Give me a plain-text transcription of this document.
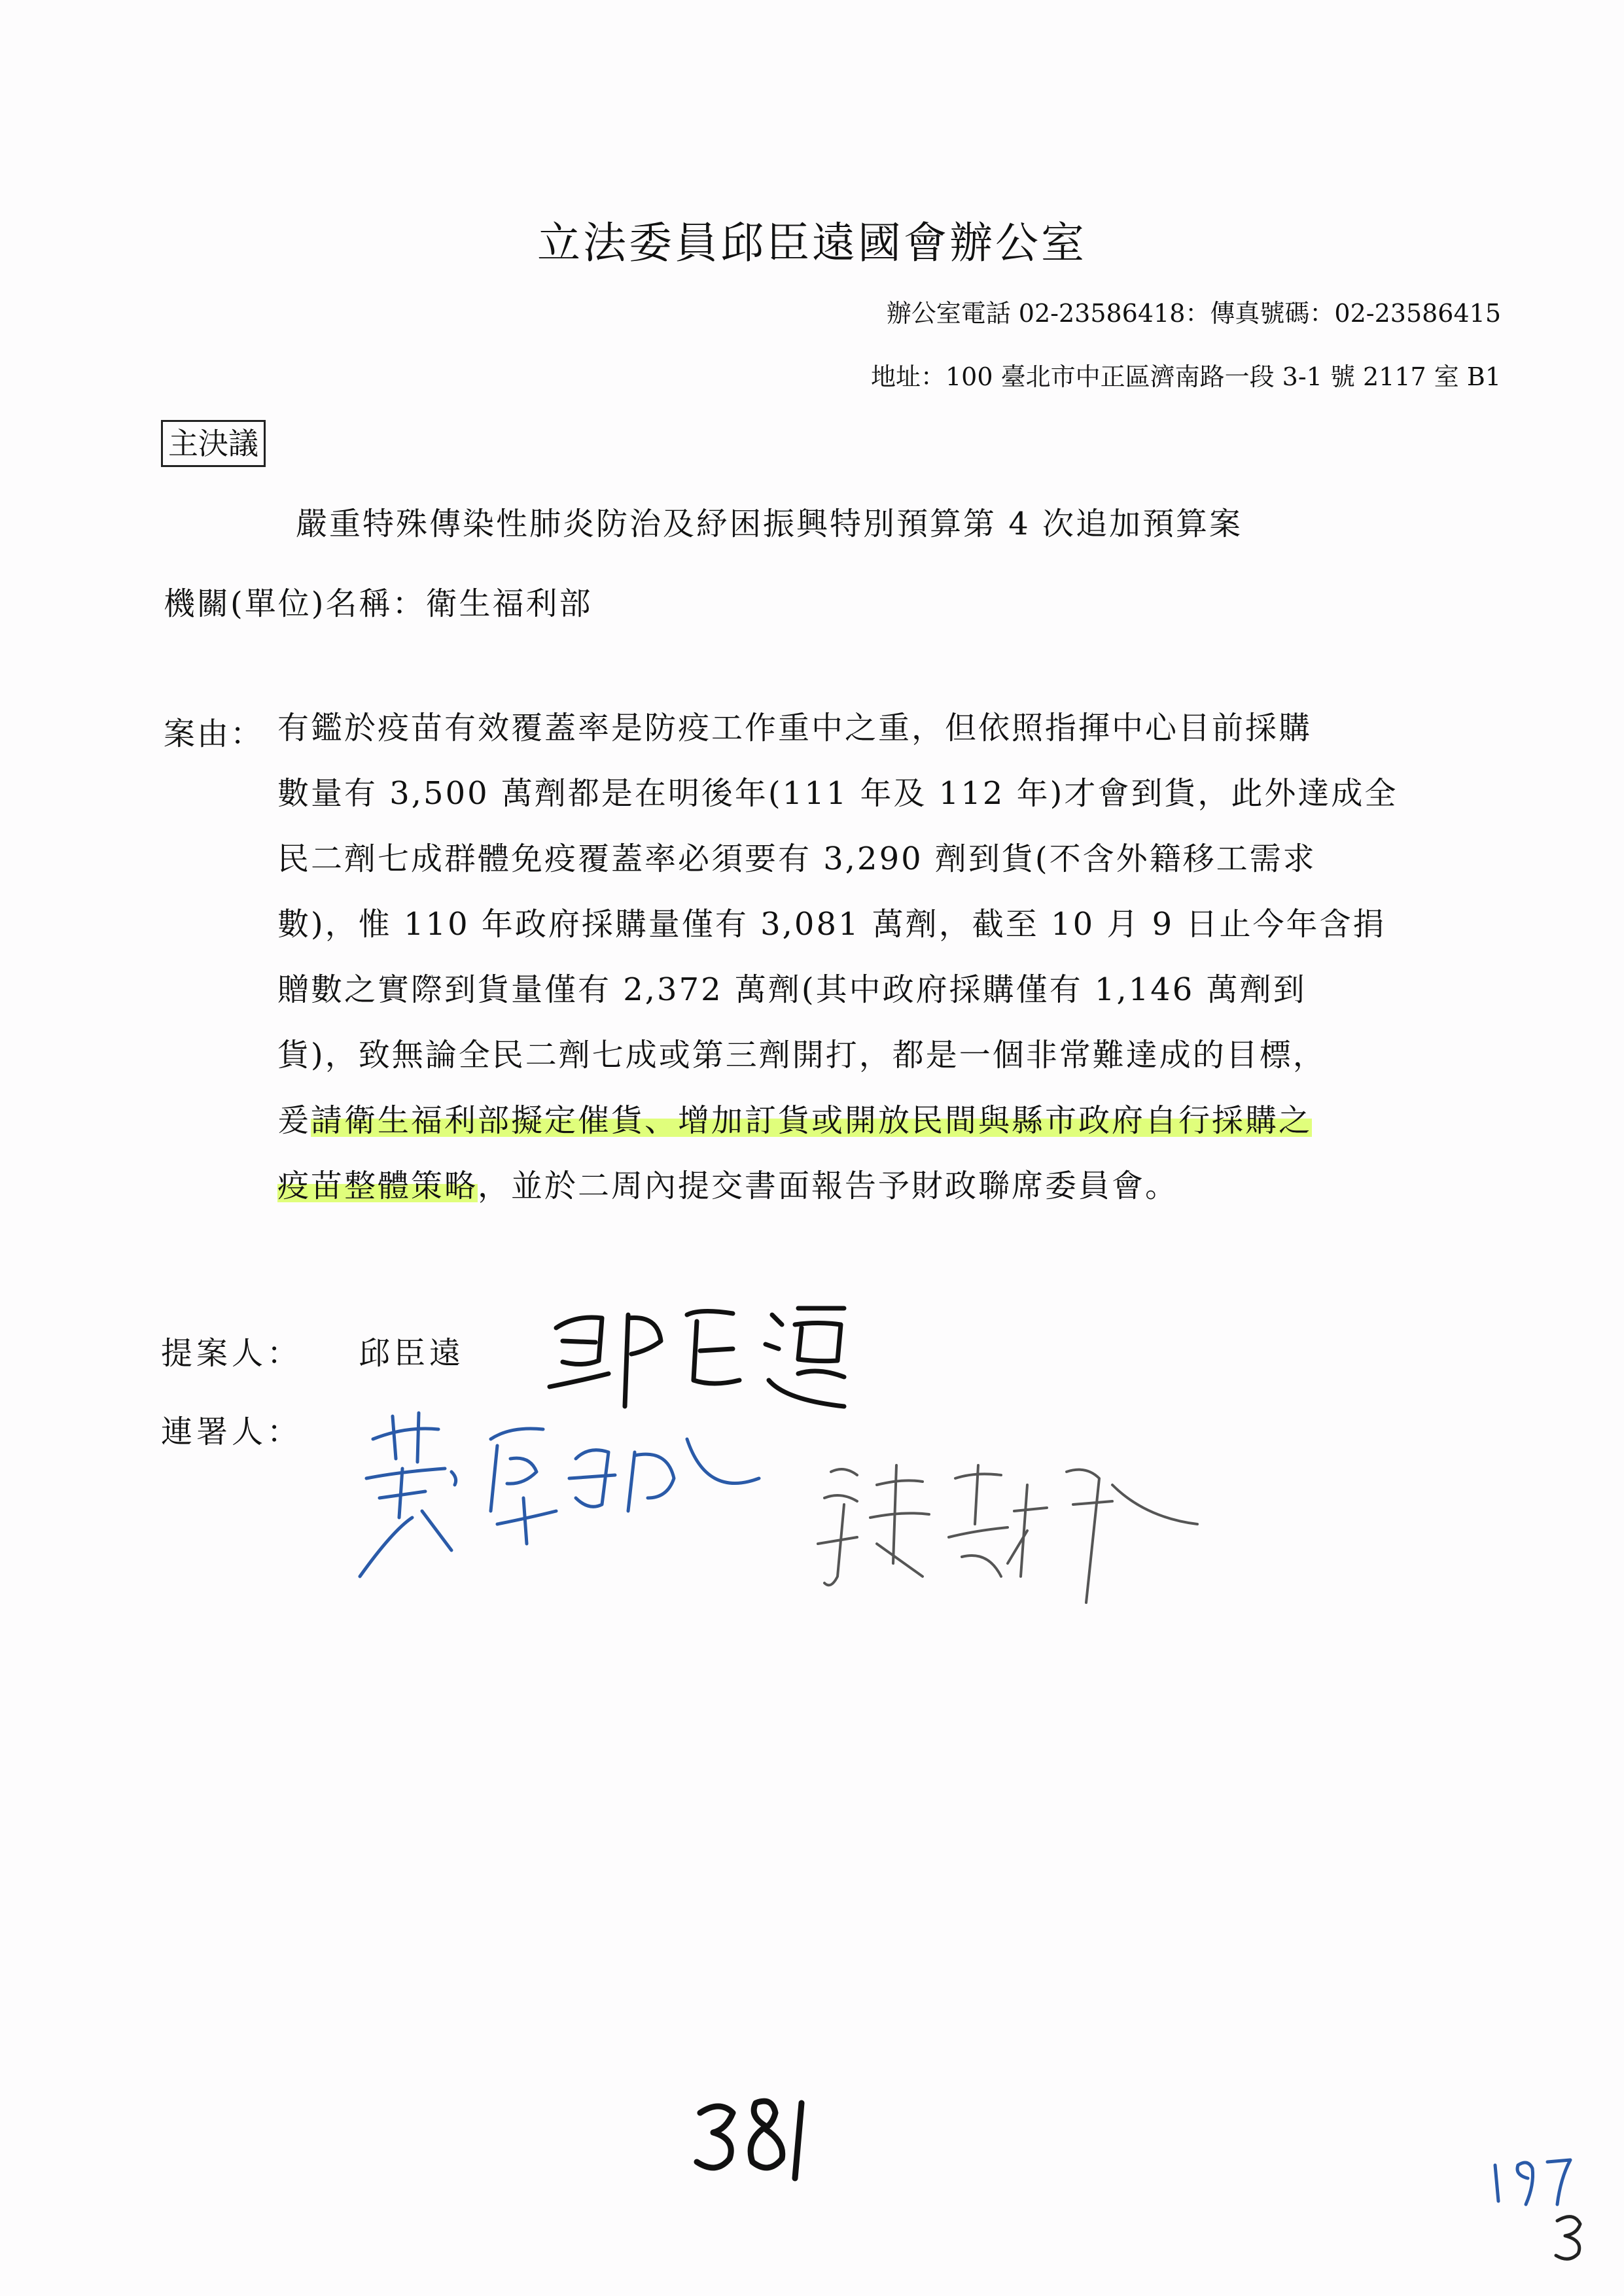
立法委員邱臣遠國會辦公室
辦公室電話 02-23586418：傳真號碼：02-23586415
地址：100 臺北市中正區濟南路一段 3-1 號 2117 室 B1
主決議
嚴重特殊傳染性肺炎防治及紓困振興特別預算第 4 次追加預算案
機關(單位)名稱：衛生福利部
案由： 有鑑於疫苗有效覆蓋率是防疫工作重中之重，但依照指揮中心目前採購
數量有 3,500 萬劑都是在明後年(111 年及 112 年)才會到貨，此外達成全
民二劑七成群體免疫覆蓋率必須要有 3,290 劑到貨(不含外籍移工需求
數)，惟 110 年政府採購量僅有 3,081 萬劑，截至 10 月 9 日止今年含捐
贈數之實際到貨量僅有 2,372 萬劑(其中政府採購僅有 1,146 萬劑到
貨)，致無論全民二劑七成或第三劑開打，都是一個非常難達成的目標，
爰請衛生福利部擬定催貨、增加訂貨或開放民間與縣市政府自行採購之
疫苗整體策略，並於二周內提交書面報告予財政聯席委員會。
提案人： 邱臣遠
連署人：
